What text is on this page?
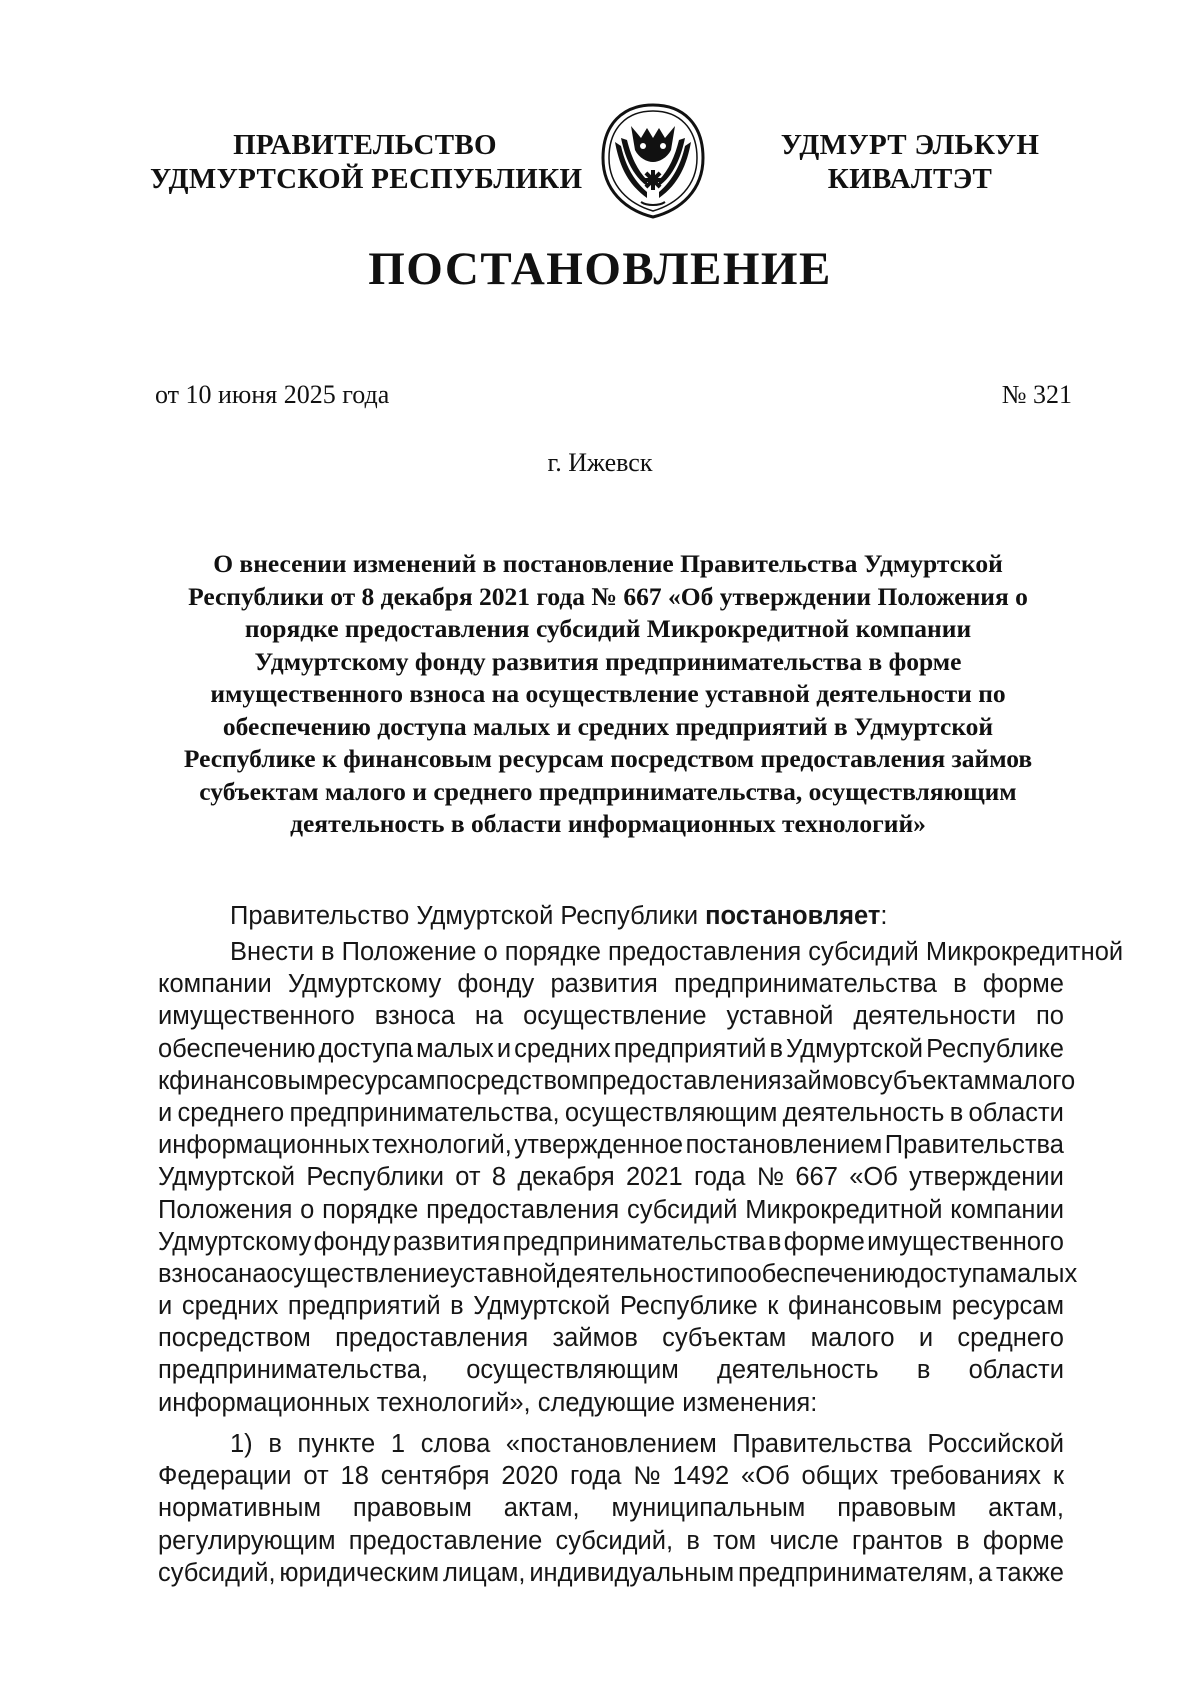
ПРАВИТЕЛЬСТВО
УДМУРТСКОЙ РЕСПУБЛИКИ
УДМУРТ ЭЛЬКУН
КИВАЛТЭТ
ПОСТАНОВЛЕНИЕ
от 10 июня 2025 года	№ 321
г. Ижевск
О внесении изменений в постановление Правительства Удмуртской
Республики от 8 декабря 2021 года № 667 «Об утверждении Положения о
порядке предоставления субсидий Микрокредитной компании
Удмуртскому фонду развития предпринимательства в форме
имущественного взноса на осуществление уставной деятельности по
обеспечению доступа малых и средних предприятий в Удмуртской
Республике к финансовым ресурсам посредством предоставления займов
субъектам малого и среднего предпринимательства, осуществляющим
деятельность в области информационных технологий»
Правительство Удмуртской Республики постановляет:
Внести в Положение о порядке предоставления субсидий Микрокредитной
компании Удмуртскому фонду развития предпринимательства в форме
имущественного взноса на осуществление уставной деятельности по
обеспечению доступа малых и средних предприятий в Удмуртской Республике
к финансовым ресурсам посредством предоставления займов субъектам малого
и среднего предпринимательства, осуществляющим деятельность в области
информационных технологий, утвержденное постановлением Правительства
Удмуртской Республики от 8 декабря 2021 года № 667 «Об утверждении
Положения о порядке предоставления субсидий Микрокредитной компании
Удмуртскому фонду развития предпринимательства в форме имущественного
взноса на осуществление уставной деятельности по обеспечению доступа малых
и средних предприятий в Удмуртской Республике к финансовым ресурсам
посредством предоставления займов субъектам малого и среднего
предпринимательства, осуществляющим деятельность в области
информационных технологий», следующие изменения:
1) в пункте 1 слова «постановлением Правительства Российской
Федерации от 18 сентября 2020 года № 1492 «Об общих требованиях к
нормативным правовым актам, муниципальным правовым актам,
регулирующим предоставление субсидий, в том числе грантов в форме
субсидий, юридическим лицам, индивидуальным предпринимателям, а также
